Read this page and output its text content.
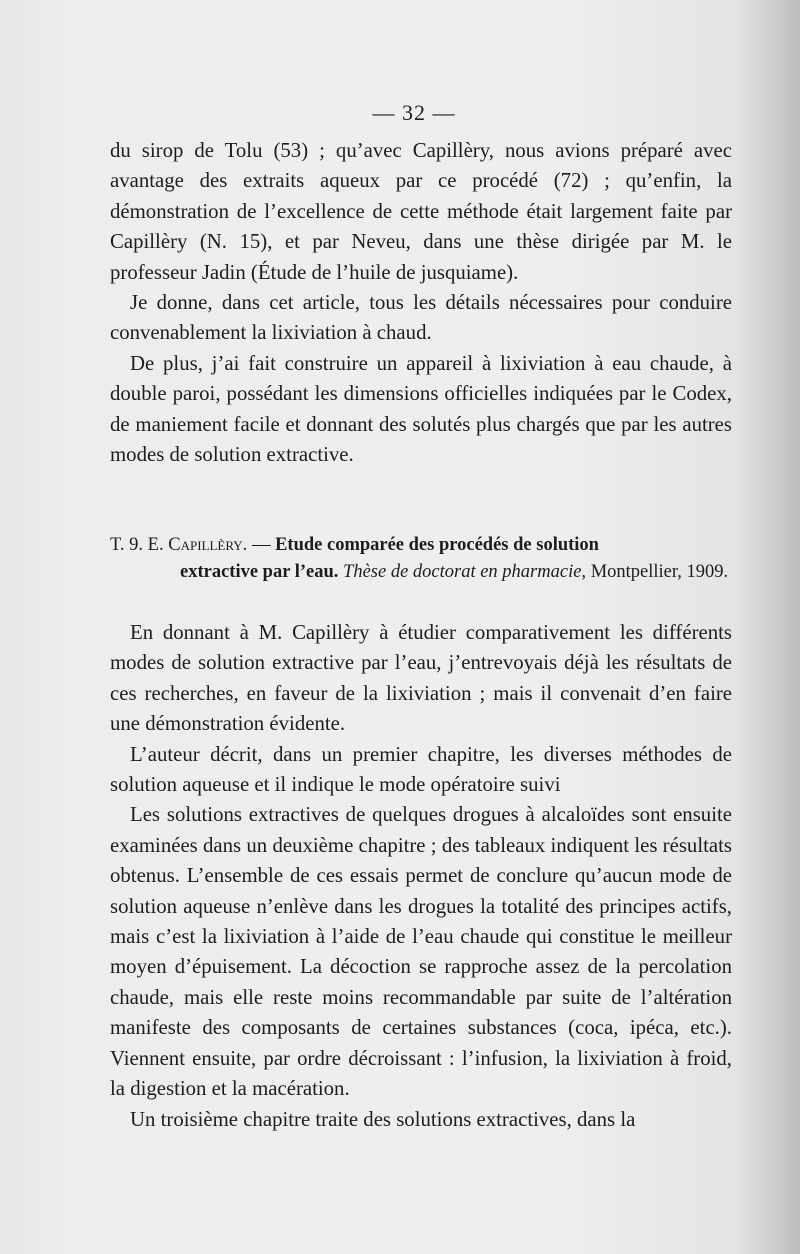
— 32 —

du sirop de Tolu (53) ; qu’avec Capillèry, nous avions préparé avec avantage des extraits aqueux par ce procédé (72) ; qu’enfin, la démonstration de l’excellence de cette méthode était largement faite par Capillèry (N. 15), et par Neveu, dans une thèse dirigée par M. le professeur Jadin (Étude de l’huile de jusquiame).

Je donne, dans cet article, tous les détails nécessaires pour conduire convenablement la lixiviation à chaud.

De plus, j’ai fait construire un appareil à lixiviation à eau chaude, à double paroi, possédant les dimensions officielles indiquées par le Codex, de maniement facile et donnant des solutés plus chargés que par les autres modes de solution extractive.

T. 9. E. Capillèry. — Etude comparée des procédés de solution
extractive par l’eau. Thèse de doctorat en pharmacie, Montpellier, 1909.

En donnant à M. Capillèry à étudier comparativement les différents modes de solution extractive par l’eau, j’entrevoyais déjà les résultats de ces recherches, en faveur de la lixiviation ; mais il convenait d’en faire une démonstration évidente.

L’auteur décrit, dans un premier chapitre, les diverses méthodes de solution aqueuse et il indique le mode opératoire suivi

Les solutions extractives de quelques drogues à alcaloïdes sont ensuite examinées dans un deuxième chapitre ; des tableaux indiquent les résultats obtenus. L’ensemble de ces essais permet de conclure qu’aucun mode de solution aqueuse n’enlève dans les drogues la totalité des principes actifs, mais c’est la lixiviation à l’aide de l’eau chaude qui constitue le meilleur moyen d’épuisement. La décoction se rapproche assez de la percolation chaude, mais elle reste moins recommandable par suite de l’altération manifeste des composants de certaines substances (coca, ipéca, etc.). Viennent ensuite, par ordre décroissant : l’infusion, la lixiviation à froid, la digestion et la macération.

Un troisième chapitre traite des solutions extractives, dans la
